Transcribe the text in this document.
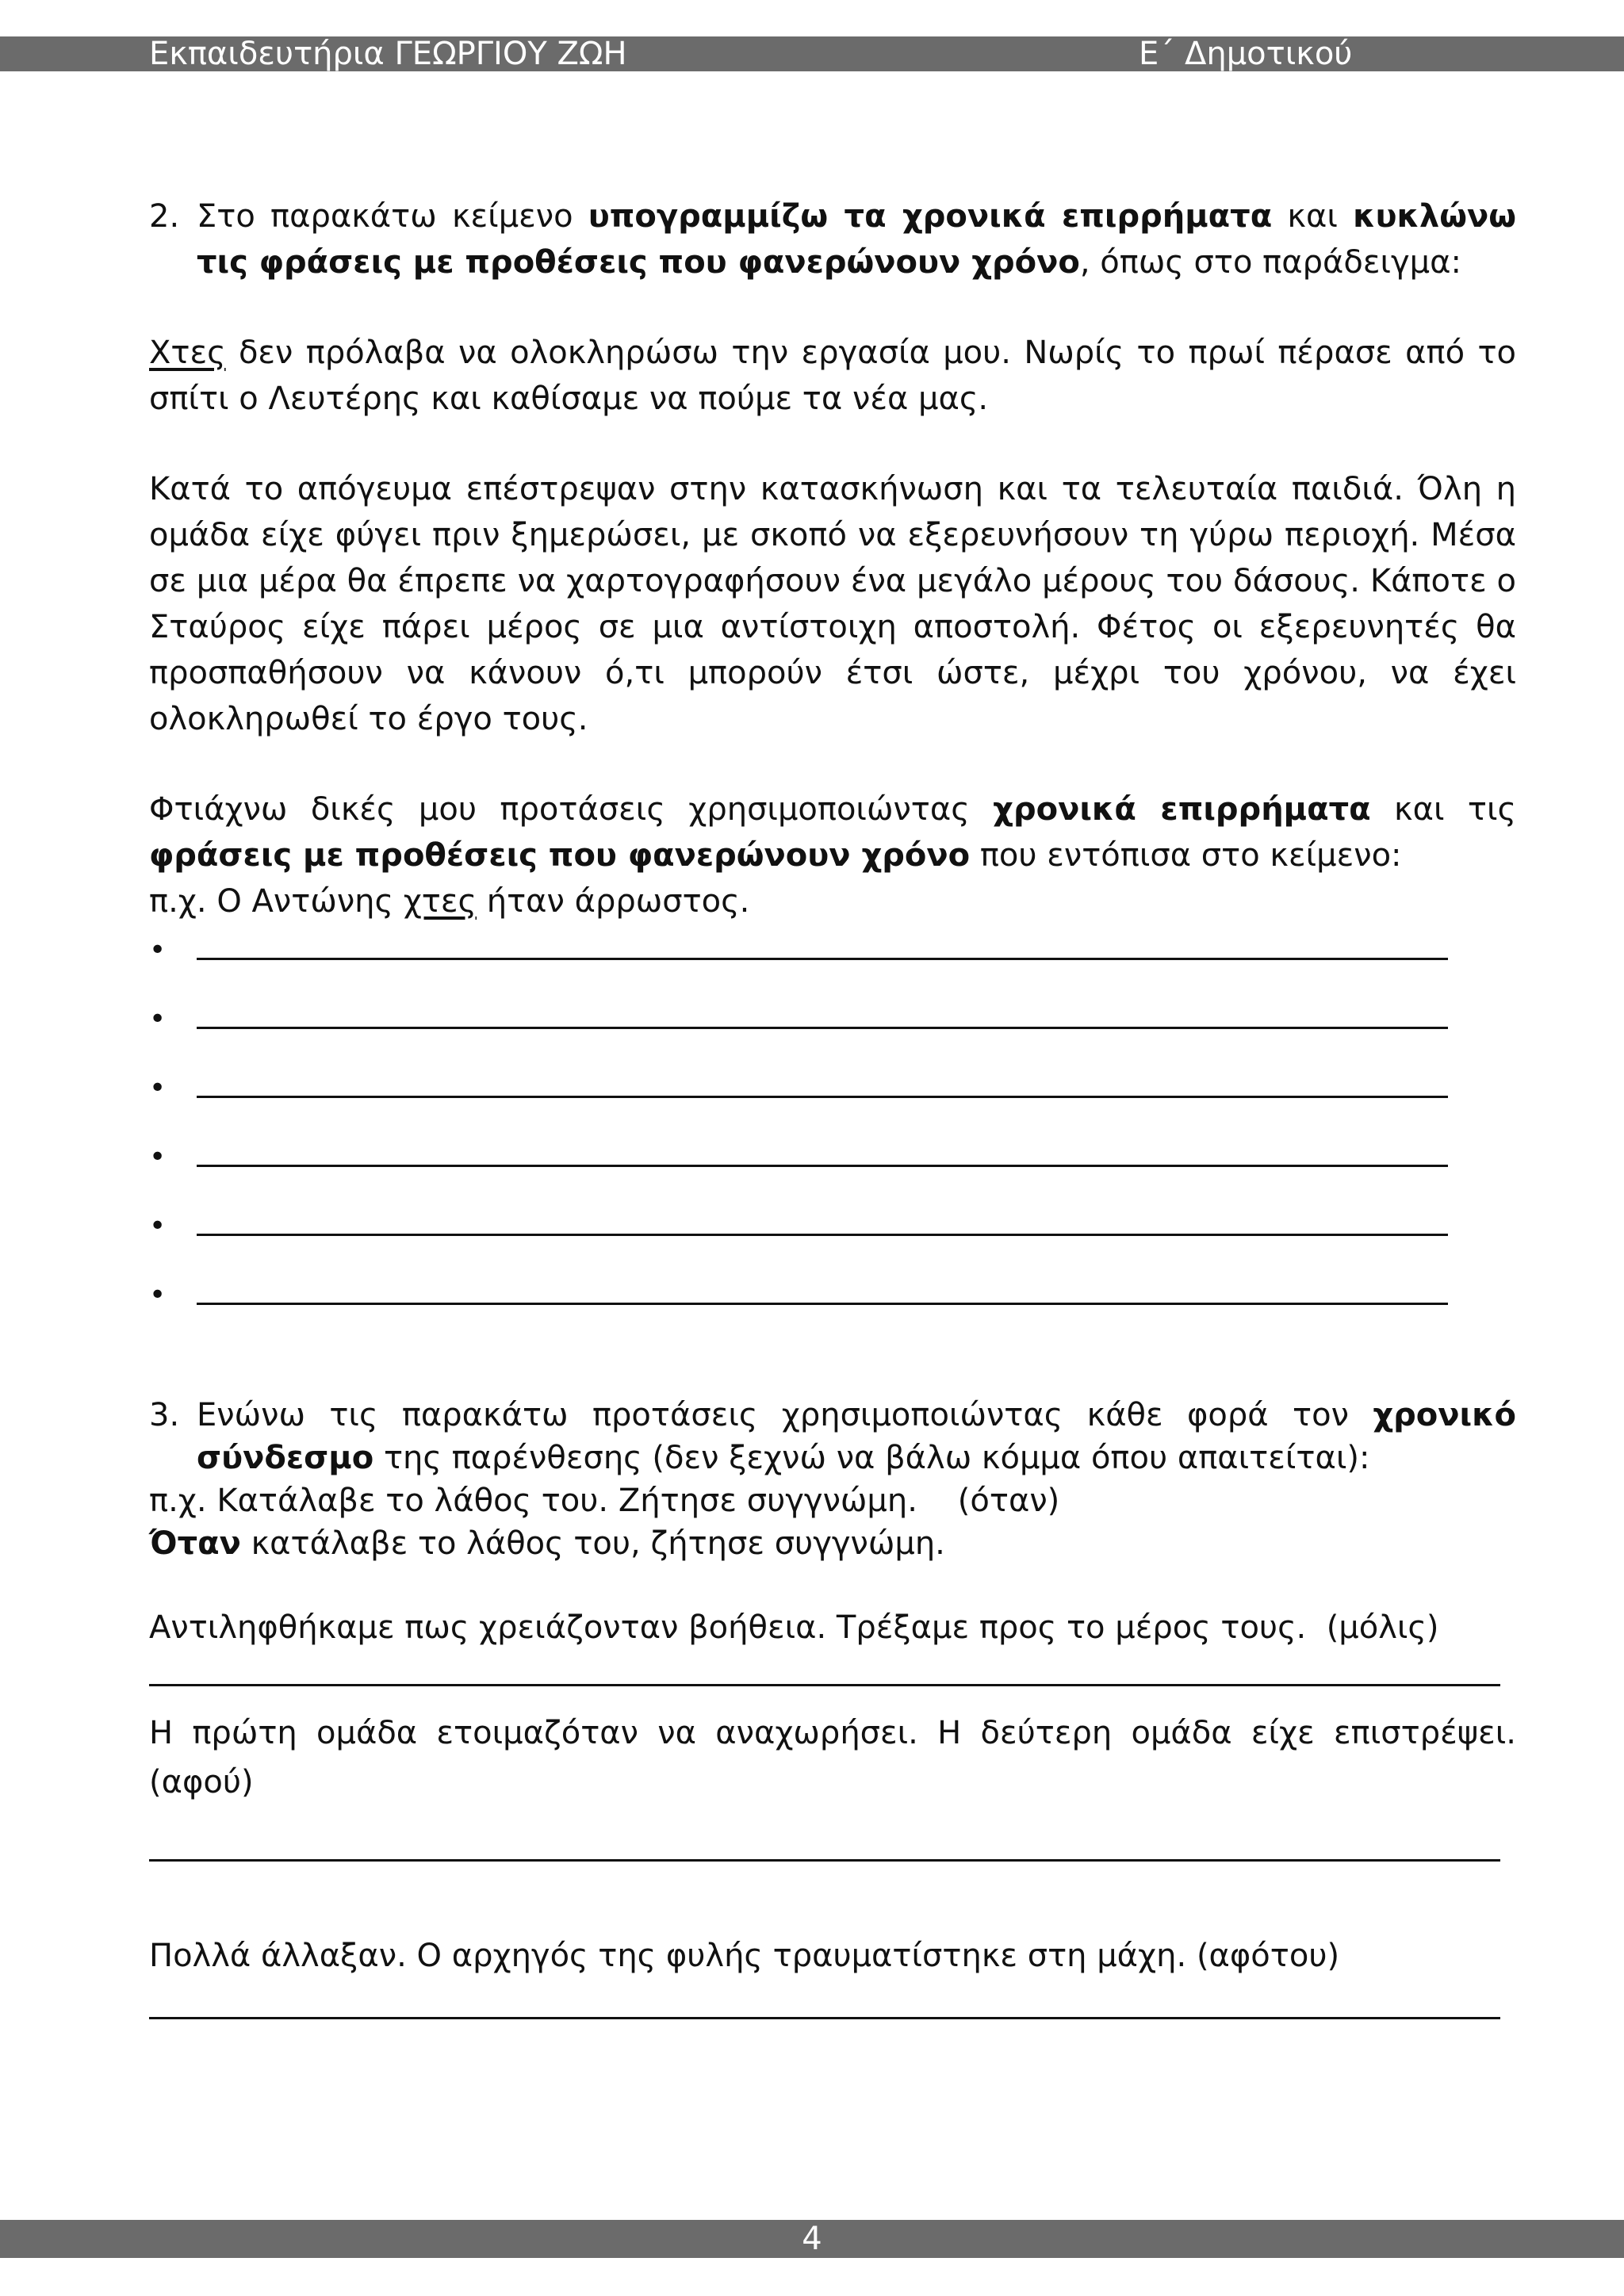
Εκπαιδευτήρια ΓΕΩΡΓΙΟΥ ΖΩΗ	Ε΄ Δημοτικού
2. Στο παρακάτω κείμενο υπογραμμίζω τα χρονικά επιρρήματα και κυκλώνω τις φράσεις με προθέσεις που φανερώνουν χρόνο, όπως στο παράδειγμα:

Χτες δεν πρόλαβα να ολοκληρώσω την εργασία μου. Νωρίς το πρωί πέρασε από το σπίτι ο Λευτέρης και καθίσαμε να πούμε τα νέα μας.

Κατά το απόγευμα επέστρεψαν στην κατασκήνωση και τα τελευταία παιδιά. Όλη η ομάδα είχε φύγει πριν ξημερώσει, με σκοπό να εξερευνήσουν τη γύρω περιοχή. Μέσα σε μια μέρα θα έπρεπε να χαρτογραφήσουν ένα μεγάλο μέρους του δάσους. Κάποτε ο Σταύρος είχε πάρει μέρος σε μια αντίστοιχη αποστολή. Φέτος οι εξερευνητές θα προσπαθήσουν να κάνουν ό,τι μπορούν έτσι ώστε, μέχρι του χρόνου, να έχει ολοκληρωθεί το έργο τους.

Φτιάχνω δικές μου προτάσεις χρησιμοποιώντας χρονικά επιρρήματα και τις φράσεις με προθέσεις που φανερώνουν χρόνο που εντόπισα στο κείμενο:

π.χ. Ο Αντώνης χτες ήταν άρρωστος.

•
•
•
•
•
•
3. Ενώνω τις παρακάτω προτάσεις χρησιμοποιώντας κάθε φορά τον χρονικό σύνδεσμο της παρένθεσης (δεν ξεχνώ να βάλω κόμμα όπου απαιτείται):

π.χ. Κατάλαβε το λάθος του. Ζήτησε συγγνώμη.    (όταν)

Όταν κατάλαβε το λάθος του, ζήτησε συγγνώμη.

Αντιληφθήκαμε πως χρειάζονταν βοήθεια. Τρέξαμε προς το μέρος τους.  (μόλις)

Η πρώτη ομάδα ετοιμαζόταν να αναχωρήσει. Η δεύτερη ομάδα είχε επιστρέψει. (αφού)

Πολλά άλλαξαν. Ο αρχηγός της φυλής τραυματίστηκε στη μάχη. (αφότου)

4
